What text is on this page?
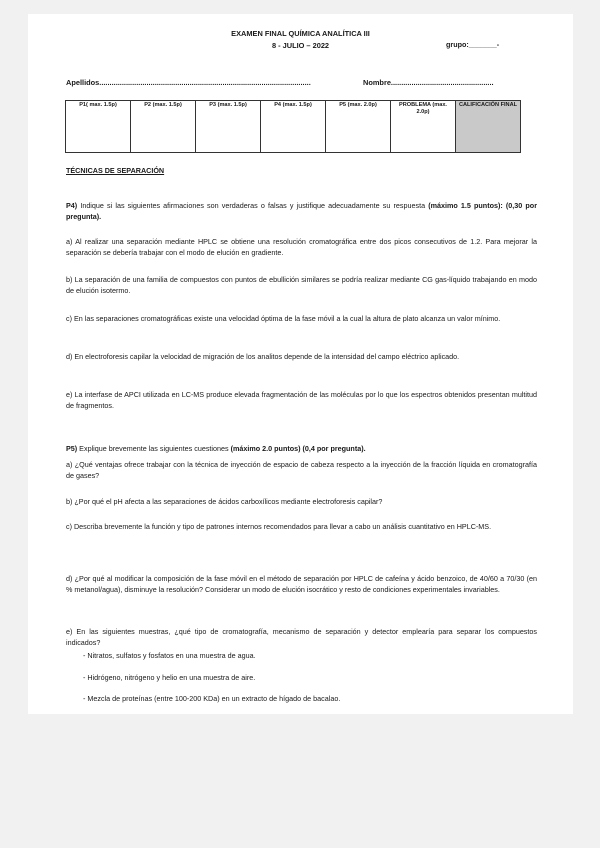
EXAMEN FINAL QUÍMICA ANALÍTICA III
8 - JULIO – 2022	grupo:_______-
Apellidos.......................................................................................................	Nombre..................................................
P1( max. 1.5p)	P2 (max. 1.5p)	P3 (max. 1.5p)	P4 (max. 1.5p)	P5 (max. 2.0p)	PROBLEMA (max. 2.0p)	CALIFICACIÓN FINAL
TÉCNICAS DE SEPARACIÓN
P4) Indique si las siguientes afirmaciones son verdaderas o falsas y justifique adecuadamente su respuesta (máximo 1.5 puntos): (0,30 por pregunta).
a) Al realizar una separación mediante HPLC se obtiene una resolución cromatográfica entre dos picos consecutivos de 1.2. Para mejorar la separación se debería trabajar con el modo de elución en gradiente.
b) La separación de una familia de compuestos con puntos de ebullición similares se podría realizar mediante CG gas-líquido trabajando en modo de elución isotermo.
c) En las separaciones cromatográficas existe una velocidad óptima de la fase móvil a la cual la altura de plato alcanza un valor mínimo.
d) En electroforesis capilar la velocidad de migración de los analitos depende de la intensidad del campo eléctrico aplicado.
e) La interfase de APCI utilizada en LC-MS produce elevada fragmentación de las moléculas por lo que los espectros obtenidos presentan multitud de fragmentos.
P5) Explique brevemente las siguientes cuestiones (máximo 2.0 puntos) (0,4 por pregunta).
a) ¿Qué ventajas ofrece trabajar con la técnica de inyección de espacio de cabeza respecto a la inyección de la fracción líquida en cromatografía de gases?
b) ¿Por qué el pH afecta a las separaciones de ácidos carboxílicos mediante electroforesis capilar?
c) Describa brevemente la función y tipo de patrones internos recomendados para llevar a cabo un análisis cuantitativo en HPLC-MS.
d) ¿Por qué al modificar la composición de la fase móvil en el método de separación por HPLC de cafeína y ácido benzoico, de 40/60 a 70/30 (en % metanol/agua), disminuye la resolución? Considerar un modo de elución isocrático y resto de condiciones experimentales invariables.
e) En las siguientes muestras, ¿qué tipo de cromatografía, mecanismo de separación y detector emplearía para separar los compuestos indicados?
- Nitratos, sulfatos y fosfatos en una muestra de agua.
- Hidrógeno, nitrógeno y helio en una muestra de aire.
- Mezcla de proteínas (entre 100-200 KDa) en un extracto de hígado de bacalao.
